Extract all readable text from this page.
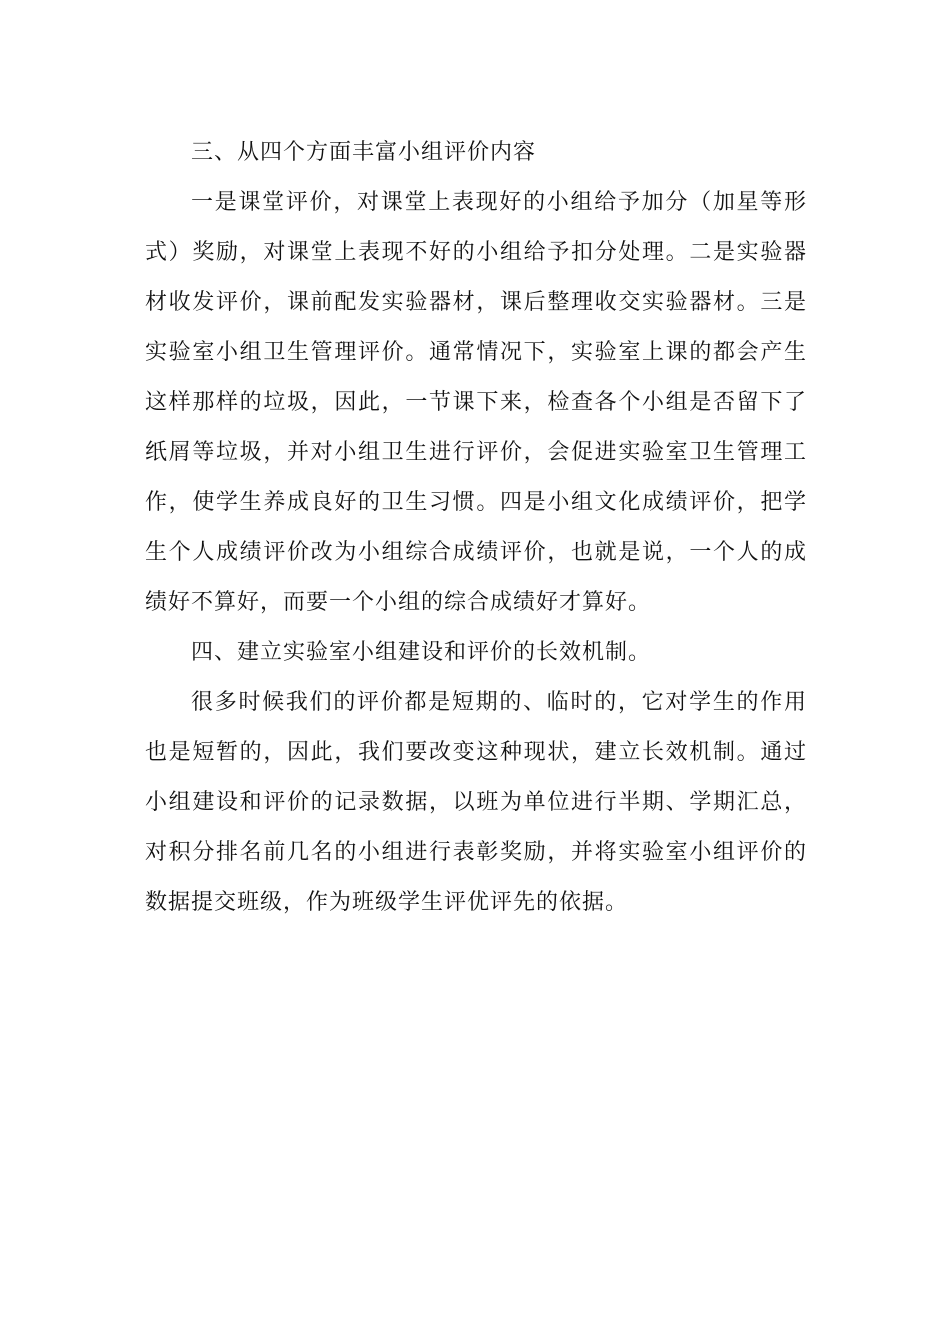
三、从四个方面丰富小组评价内容

一是课堂评价，对课堂上表现好的小组给予加分（加星等形式）奖励，对课堂上表现不好的小组给予扣分处理。二是实验器材收发评价，课前配发实验器材，课后整理收交实验器材。三是实验室小组卫生管理评价。通常情况下，实验室上课的都会产生这样那样的垃圾，因此，一节课下来，检查各个小组是否留下了纸屑等垃圾，并对小组卫生进行评价，会促进实验室卫生管理工作，使学生养成良好的卫生习惯。四是小组文化成绩评价，把学生个人成绩评价改为小组综合成绩评价，也就是说，一个人的成绩好不算好，而要一个小组的综合成绩好才算好。

四、建立实验室小组建设和评价的长效机制。

很多时候我们的评价都是短期的、临时的，它对学生的作用也是短暂的，因此，我们要改变这种现状，建立长效机制。通过小组建设和评价的记录数据，以班为单位进行半期、学期汇总，对积分排名前几名的小组进行表彰奖励，并将实验室小组评价的数据提交班级，作为班级学生评优评先的依据。
